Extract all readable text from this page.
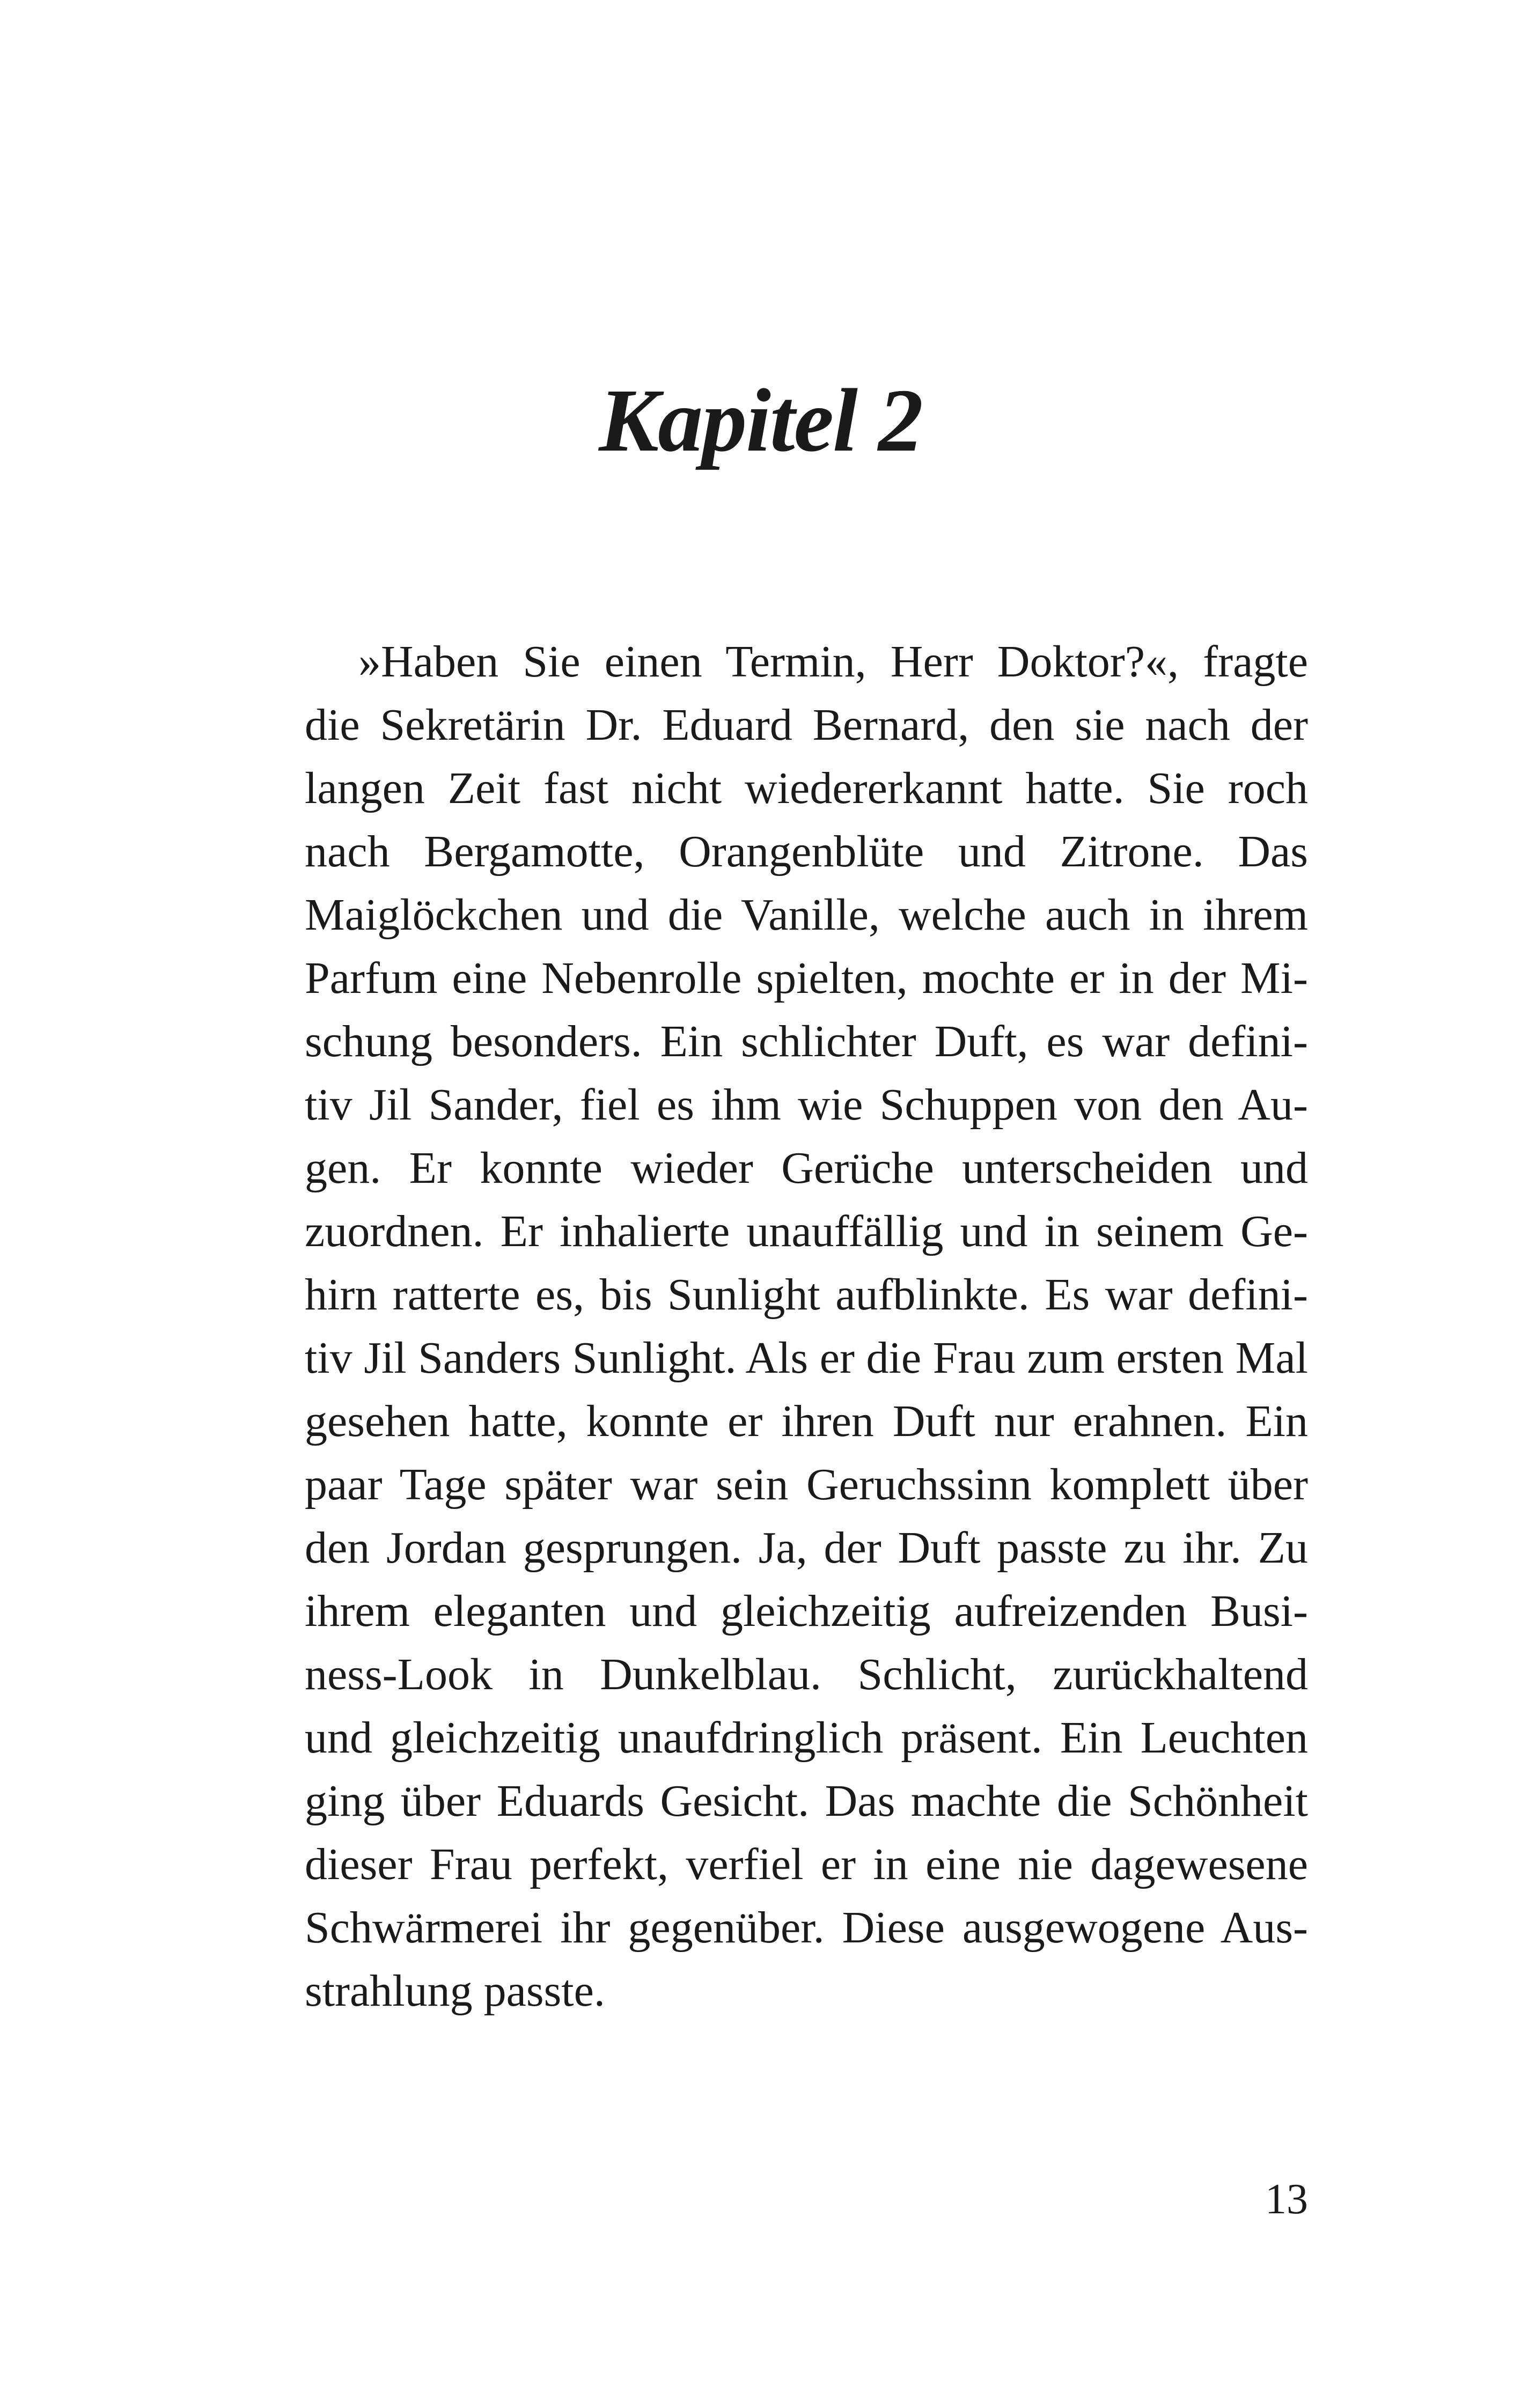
Kapitel 2
»Haben Sie einen Termin, Herr Doktor?«, fragte
die Sekretärin Dr. Eduard Bernard, den sie nach der
langen Zeit fast nicht wiedererkannt hatte. Sie roch
nach Bergamotte, Orangenblüte und Zitrone. Das
Maiglöckchen und die Vanille, welche auch in ihrem
Parfum eine Nebenrolle spielten, mochte er in der Mi-
schung besonders. Ein schlichter Duft, es war defini-
tiv Jil Sander, fiel es ihm wie Schuppen von den Au-
gen. Er konnte wieder Gerüche unterscheiden und
zuordnen. Er inhalierte unauffällig und in seinem Ge-
hirn ratterte es, bis Sunlight aufblinkte. Es war defini-
tiv Jil Sanders Sunlight. Als er die Frau zum ersten Mal
gesehen hatte, konnte er ihren Duft nur erahnen. Ein
paar Tage später war sein Geruchssinn komplett über
den Jordan gesprungen. Ja, der Duft passte zu ihr. Zu
ihrem eleganten und gleichzeitig aufreizenden Busi-
ness-Look in Dunkelblau. Schlicht, zurückhaltend
und gleichzeitig unaufdringlich präsent. Ein Leuchten
ging über Eduards Gesicht. Das machte die Schönheit
dieser Frau perfekt, verfiel er in eine nie dagewesene
Schwärmerei ihr gegenüber. Diese ausgewogene Aus-
strahlung passte.
13
